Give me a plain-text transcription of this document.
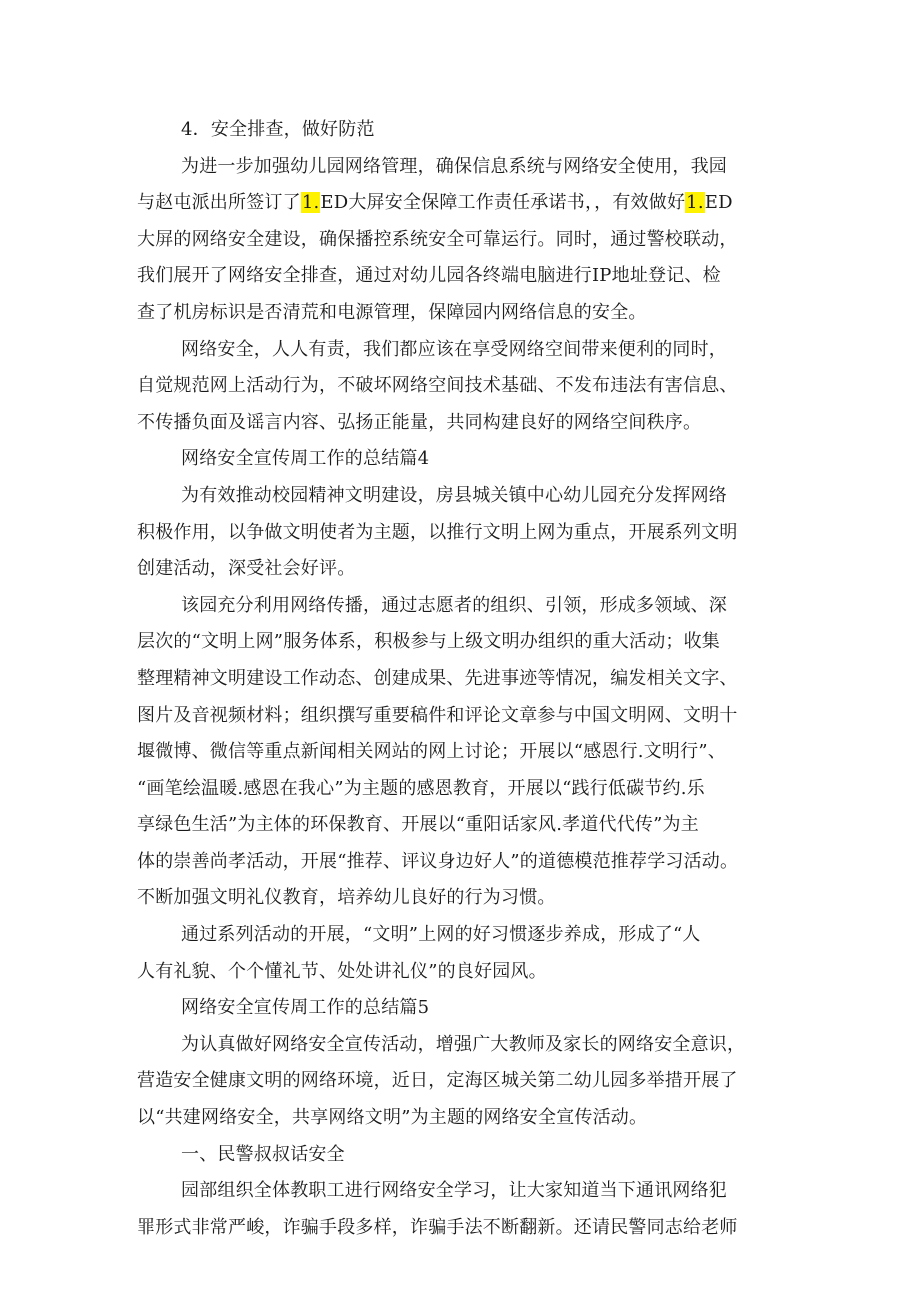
4．安全排查，做好防范
为进一步加强幼儿园网络管理，确保信息系统与网络安全使用，我园
与赵屯派出所签订了1.ED大屏安全保障工作责任承诺书，，有效做好1.ED
大屏的网络安全建设，确保播控系统安全可靠运行。同时，通过警校联动，
我们展开了网络安全排查，通过对幼儿园各终端电脑进行IP地址登记、检
查了机房标识是否清荒和电源管理，保障园内网络信息的安全。
网络安全，人人有责，我们都应该在享受网络空间带来便利的同时，
自觉规范网上活动行为，不破坏网络空间技术基础、不发布违法有害信息、
不传播负面及谣言内容、弘扬正能量，共同构建良好的网络空间秩序。
网络安全宣传周工作的总结篇4
为有效推动校园精神文明建设，房县城关镇中心幼儿园充分发挥网络
积极作用，以争做文明使者为主题，以推行文明上网为重点，开展系列文明
创建活动，深受社会好评。
该园充分利用网络传播，通过志愿者的组织、引领，形成多领域、深
层次的“文明上网”服务体系，积极参与上级文明办组织的重大活动；收集
整理精神文明建设工作动态、创建成果、先进事迹等情况，编发相关文字、
图片及音视频材料；组织撰写重要稿件和评论文章参与中国文明网、文明十
堰微博、微信等重点新闻相关网站的网上讨论；开展以“感恩行.文明行”、
“画笔绘温暖.感恩在我心”为主题的感恩教育，开展以“践行低碳节约.乐
享绿色生活”为主体的环保教育、开展以“重阳话家风.孝道代代传”为主
体的崇善尚孝活动，开展“推荐、评议身边好人”的道德模范推荐学习活动。
不断加强文明礼仪教育，培养幼儿良好的行为习惯。
通过系列活动的开展，“文明”上网的好习惯逐步养成，形成了“人
人有礼貌、个个懂礼节、处处讲礼仪”的良好园风。
网络安全宣传周工作的总结篇5
为认真做好网络安全宣传活动，增强广大教师及家长的网络安全意识，
营造安全健康文明的网络环境，近日，定海区城关第二幼儿园多举措开展了
以“共建网络安全，共享网络文明”为主题的网络安全宣传活动。
一、民警叔叔话安全
园部组织全体教职工进行网络安全学习，让大家知道当下通讯网络犯
罪形式非常严峻，诈骗手段多样，诈骗手法不断翻新。还请民警同志给老师
